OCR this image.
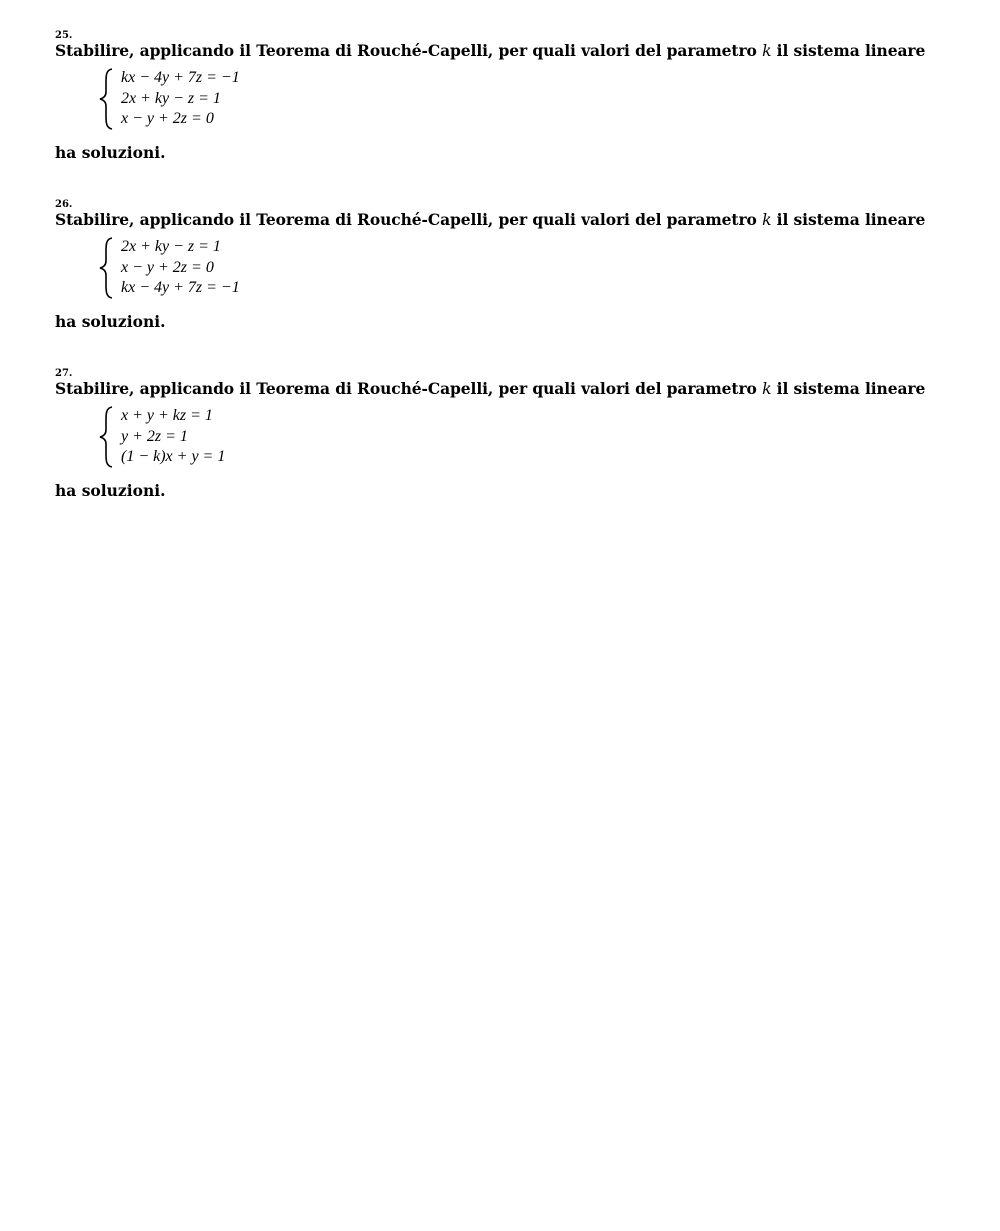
25.
Stabilire, applicando il Teorema di Rouché-Capelli, per quali valori del parametro k il sistema lineare
kx − 4y + 7z = −1
2x + ky − z = 1
x − y + 2z = 0
ha soluzioni.
26.
Stabilire, applicando il Teorema di Rouché-Capelli, per quali valori del parametro k il sistema lineare
2x + ky − z = 1
x − y + 2z = 0
kx − 4y + 7z = −1
ha soluzioni.
27.
Stabilire, applicando il Teorema di Rouché-Capelli, per quali valori del parametro k il sistema lineare
x + y + kz = 1
y + 2z = 1
(1 − k)x + y = 1
ha soluzioni.
